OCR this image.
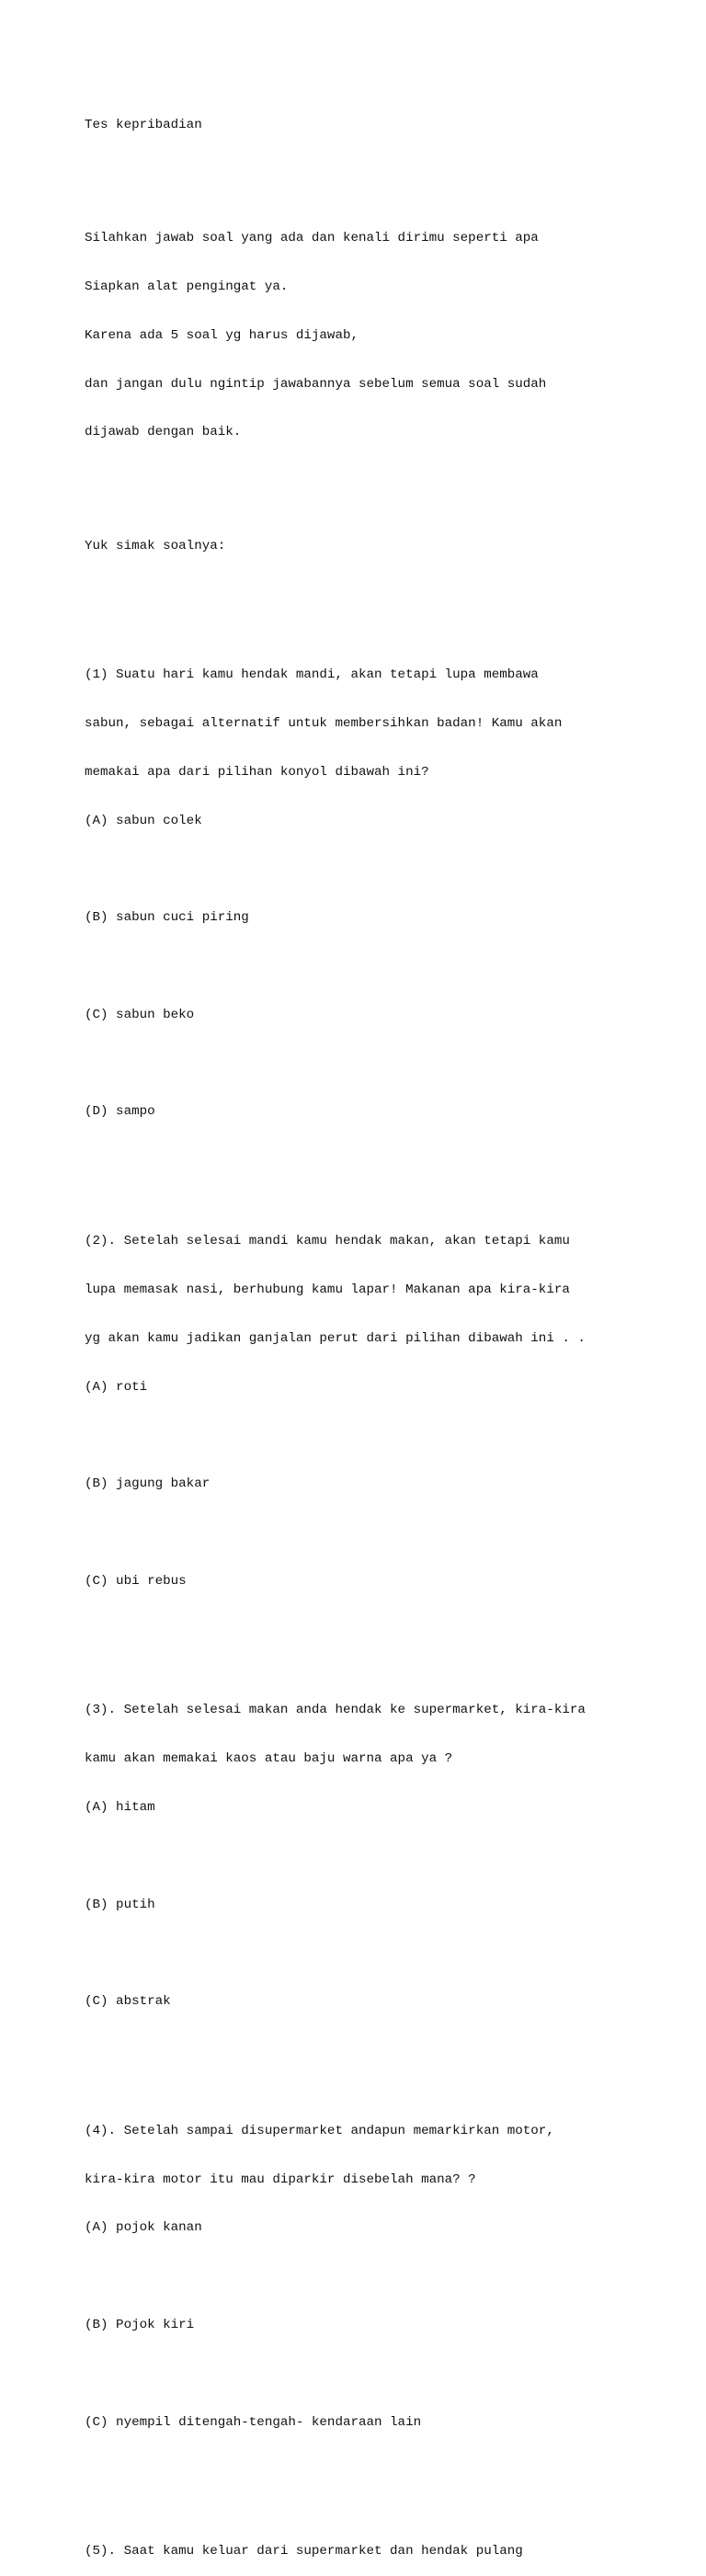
Tes kepribadian

Silahkan jawab soal yang ada dan kenali dirimu seperti apa

Siapkan alat pengingat ya.

Karena ada 5 soal yg harus dijawab,

dan jangan dulu ngintip jawabannya sebelum semua soal sudah

dijawab dengan baik.

Yuk simak soalnya:

(1) Suatu hari kamu hendak mandi, akan tetapi lupa membawa

sabun, sebagai alternatif untuk membersihkan badan! Kamu akan

memakai apa dari pilihan konyol dibawah ini?

(A) sabun colek

(B) sabun cuci piring

(C) sabun beko

(D) sampo

(2). Setelah selesai mandi kamu hendak makan, akan tetapi kamu

lupa memasak nasi, berhubung kamu lapar! Makanan apa kira-kira

yg akan kamu jadikan ganjalan perut dari pilihan dibawah ini . .

(A) roti

(B) jagung bakar

(C) ubi rebus

(3). Setelah selesai makan anda hendak ke supermarket, kira-kira

kamu akan memakai kaos atau baju warna apa ya ?

(A) hitam

(B) putih

(C) abstrak

(4). Setelah sampai disupermarket andapun memarkirkan motor,

kira-kira motor itu mau diparkir disebelah mana? ?

(A) pojok kanan

(B) Pojok kiri

(C) nyempil ditengah-tengah- kendaraan lain

(5). Saat kamu keluar dari supermarket dan hendak pulang
